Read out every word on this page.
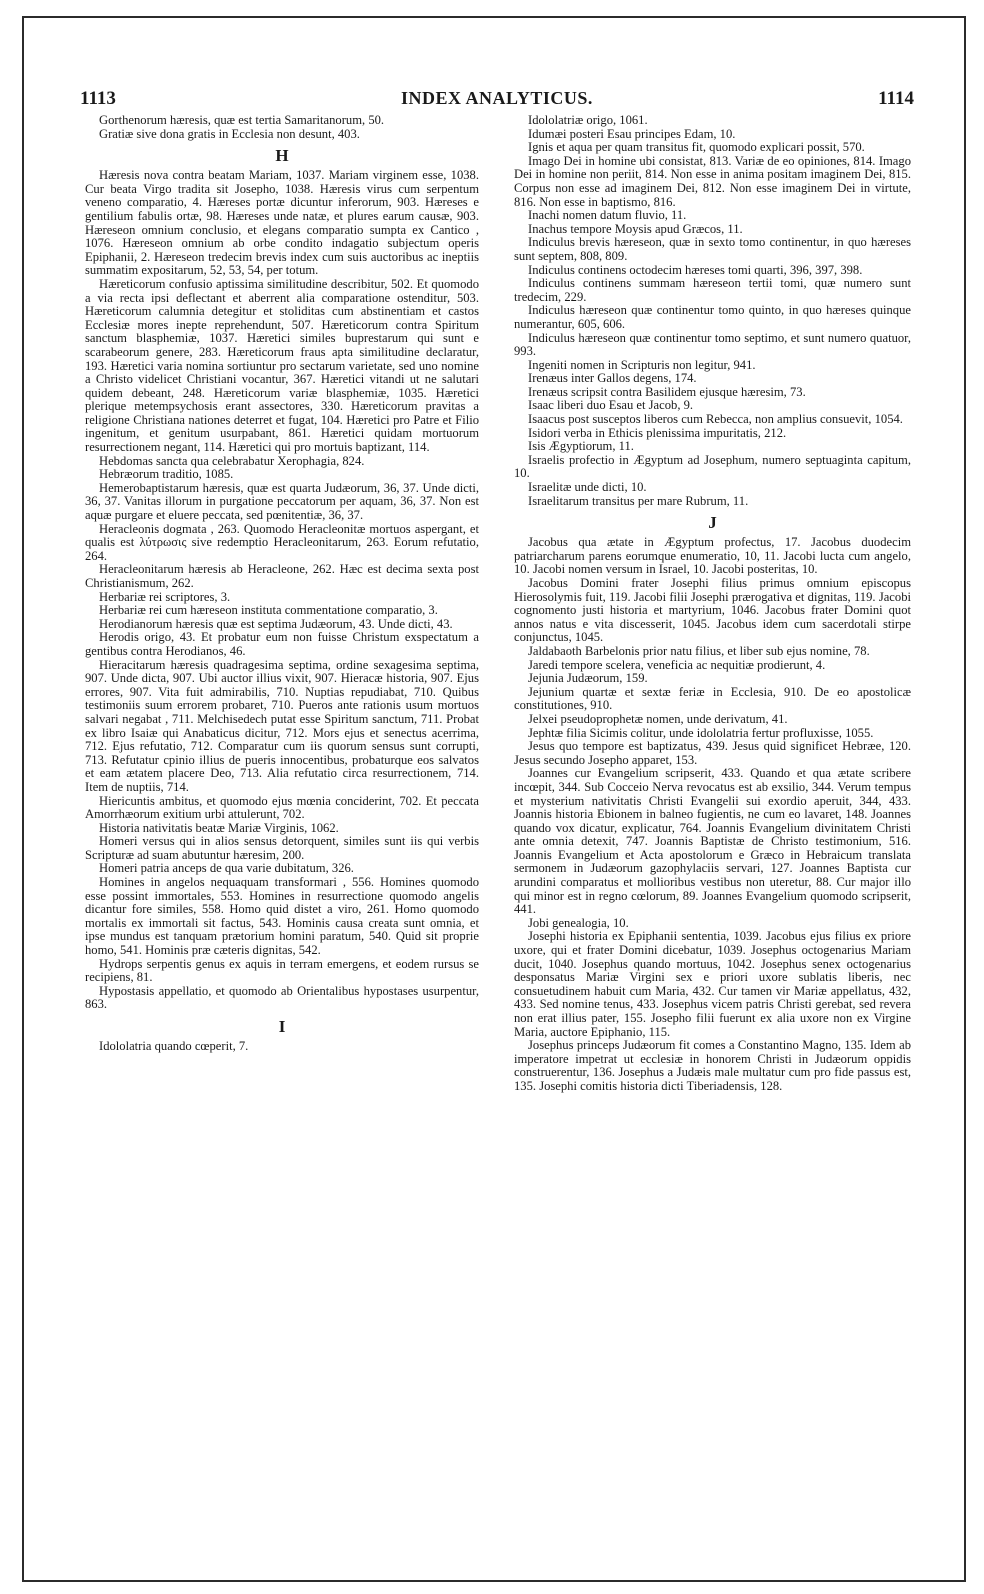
1113	INDEX ANALYTICUS.	1114

Gorthenorum hæresis, quæ est tertia Samaritanorum, 50.

Gratiæ sive dona gratis in Ecclesia non desunt, 403.

H

Hæresis nova contra beatam Mariam, 1037. Mariam virginem esse, 1038. Cur beata Virgo tradita sit Josepho, 1038. Hæresis virus cum serpentum veneno comparatio, 4. Hæreses portæ dicuntur inferorum, 903. Hæreses e gentilium fabulis ortæ, 98. Hæreses unde natæ, et plures earum causæ, 903. Hæreseon omnium conclusio, et elegans comparatio sumpta ex Cantico , 1076. Hæreseon omnium ab orbe condito indagatio subjectum operis Epiphanii, 2. Hæreseon tredecim brevis index cum suis auctoribus ac ineptiis summatim expositarum, 52, 53, 54, per totum.

Hæreticorum confusio aptissima similitudine describitur, 502. Et quomodo a via recta ipsi deflectant et aberrent alia comparatione ostenditur, 503. Hæreticorum calumnia detegitur et stoliditas cum abstinentiam et castos Ecclesiæ mores inepte reprehendunt, 507. Hæreticorum contra Spiritum sanctum blasphemiæ, 1037. Hæretici similes buprestarum qui sunt e scarabeorum genere, 283. Hæreticorum fraus apta similitudine declaratur, 193. Hæretici varia nomina sortiuntur pro sectarum varietate, sed uno nomine a Christo videlicet Christiani vocantur, 367. Hæretici vitandi ut ne salutari quidem debeant, 248. Hæreticorum variæ blasphemiæ, 1035. Hæretici plerique metempsychosis erant assectores, 330. Hæreticorum pravitas a religione Christiana nationes deterret et fugat, 104. Hæretici pro Patre et Filio ingenitum, et genitum usurpabant, 861. Hæretici quidam mortuorum resurrectionem negant, 114. Hæretici qui pro mortuis baptizant, 114.

Hebdomas sancta qua celebrabatur Xerophagia, 824.

Hebræorum traditio, 1085.

Hemerobaptistarum hæresis, quæ est quarta Judæorum, 36, 37. Unde dicti, 36, 37. Vanitas illorum in purgatione peccatorum per aquam, 36, 37. Non est aquæ purgare et eluere peccata, sed pœnitentiæ, 36, 37.

Heracleonis dogmata , 263. Quomodo Heracleonitæ mortuos aspergant, et qualis est λύτρωσις sive redemptio Heracleonitarum, 263. Eorum refutatio, 264.

Heracleonitarum hæresis ab Heracleone, 262. Hæc est decima sexta post Christianismum, 262.

Herbariæ rei scriptores, 3.

Herbariæ rei cum hæreseon instituta commentatione comparatio, 3.

Herodianorum hæresis quæ est septima Judæorum, 43. Unde dicti, 43.

Herodis origo, 43. Et probatur eum non fuisse Christum exspectatum a gentibus contra Herodianos, 46.

Hieracitarum hæresis quadragesima septima, ordine sexagesima septima, 907. Unde dicta, 907. Ubi auctor illius vixit, 907. Hieracæ historia, 907. Ejus errores, 907. Vita fuit admirabilis, 710. Nuptias repudiabat, 710. Quibus testimoniis suum errorem probaret, 710. Pueros ante rationis usum mortuos salvari negabat , 711. Melchisedech putat esse Spiritum sanctum, 711. Probat ex libro Isaiæ qui Anabaticus dicitur, 712. Mors ejus et senectus acerrima, 712. Ejus refutatio, 712. Comparatur cum iis quorum sensus sunt corrupti, 713. Refutatur cpinio illius de pueris innocentibus, probaturque eos salvatos et eam ætatem placere Deo, 713. Alia refutatio circa resurrectionem, 714. Item de nuptiis, 714.

Hiericuntis ambitus, et quomodo ejus mœnia conciderint, 702. Et peccata Amorrhæorum exitium urbi attulerunt, 702.

Historia nativitatis beatæ Mariæ Virginis, 1062.

Homeri versus qui in alios sensus detorquent, similes sunt iis qui verbis Scripturæ ad suam abutuntur hæresim, 200.

Homeri patria anceps de qua varie dubitatum, 326.

Homines in angelos nequaquam transformari , 556. Homines quomodo esse possint immortales, 553. Homines in resurrectione quomodo angelis dicantur fore similes, 558. Homo quid distet a viro, 261. Homo quomodo mortalis ex immortali sit factus, 543. Hominis causa creata sunt omnia, et ipse mundus est tanquam prætorium homini paratum, 540. Quid sit proprie homo, 541. Hominis præ cæteris dignitas, 542.

Hydrops serpentis genus ex aquis in terram emergens, et eodem rursus se recipiens, 81.

Hypostasis appellatio, et quomodo ab Orientalibus hypostases usurpentur, 863.

I

Idololatria quando cœperit, 7.

Idololatriæ origo, 1061.

Idumæi posteri Esau principes Edam, 10.

Ignis et aqua per quam transitus fit, quomodo explicari possit, 570.

Imago Dei in homine ubi consistat, 813. Variæ de eo opiniones, 814. Imago Dei in homine non periit, 814. Non esse in anima positam imaginem Dei, 815. Corpus non esse ad imaginem Dei, 812. Non esse imaginem Dei in virtute, 816. Non esse in baptismo, 816.

Inachi nomen datum fluvio, 11.

Inachus tempore Moysis apud Græcos, 11.

Indiculus brevis hæreseon, quæ in sexto tomo continentur, in quo hæreses sunt septem, 808, 809.

Indiculus continens octodecim hæreses tomi quarti, 396, 397, 398.

Indiculus continens summam hæreseon tertii tomi, quæ numero sunt tredecim, 229.

Indiculus hæreseon quæ continentur tomo quinto, in quo hæreses quinque numerantur, 605, 606.

Indiculus hæreseon quæ continentur tomo septimo, et sunt numero quatuor, 993.

Ingeniti nomen in Scripturis non legitur, 941.

Irenæus inter Gallos degens, 174.

Irenæus scripsit contra Basilidem ejusque hæresim, 73.

Isaac liberi duo Esau et Jacob, 9.

Isaacus post susceptos liberos cum Rebecca, non amplius consuevit, 1054.

Isidori verba in Ethicis plenissima impuritatis, 212.

Isis Ægyptiorum, 11.

Israelis profectio in Ægyptum ad Josephum, numero septuaginta capitum, 10.

Israelitæ unde dicti, 10.

Israelitarum transitus per mare Rubrum, 11.

J

Jacobus qua ætate in Ægyptum profectus, 17. Jacobus duodecim patriarcharum parens eorumque enumeratio, 10, 11. Jacobi lucta cum angelo, 10. Jacobi nomen versum in Israel, 10. Jacobi posteritas, 10.

Jacobus Domini frater Josephi filius primus omnium episcopus Hierosolymis fuit, 119. Jacobi filii Josephi prærogativa et dignitas, 119. Jacobi cognomento justi historia et martyrium, 1046. Jacobus frater Domini quot annos natus e vita discesserit, 1045. Jacobus idem cum sacerdotali stirpe conjunctus, 1045.

Jaldabaoth Barbelonis prior natu filius, et liber sub ejus nomine, 78.

Jaredi tempore scelera, veneficia ac nequitiæ prodierunt, 4.

Jejunia Judæorum, 159.

Jejunium quartæ et sextæ feriæ in Ecclesia, 910. De eo apostolicæ constitutiones, 910.

Jelxei pseudoprophetæ nomen, unde derivatum, 41.

Jephtæ filia Sicimis colitur, unde idololatria fertur profluxisse, 1055.

Jesus quo tempore est baptizatus, 439. Jesus quid significet Hebræe, 120. Jesus secundo Josepho apparet, 153.

Joannes cur Evangelium scripserit, 433. Quando et qua ætate scribere incœpit, 344. Sub Cocceio Nerva revocatus est ab exsilio, 344. Verum tempus et mysterium nativitatis Christi Evangelii sui exordio aperuit, 344, 433. Joannis historia Ebionem in balneo fugientis, ne cum eo lavaret, 148. Joannes quando vox dicatur, explicatur, 764. Joannis Evangelium divinitatem Christi ante omnia detexit, 747. Joannis Baptistæ de Christo testimonium, 516. Joannis Evangelium et Acta apostolorum e Græco in Hebraicum translata sermonem in Judæorum gazophylaciis servari, 127. Joannes Baptista cur arundini comparatus et mollioribus vestibus non uteretur, 88. Cur major illo qui minor est in regno cœlorum, 89. Joannes Evangelium quomodo scripserit, 441.

Jobi genealogia, 10.

Josephi historia ex Epiphanii sententia, 1039. Jacobus ejus filius ex priore uxore, qui et frater Domini dicebatur, 1039. Josephus octogenarius Mariam ducit, 1040. Josephus quando mortuus, 1042. Josephus senex octogenarius desponsatus Mariæ Virgini sex e priori uxore sublatis liberis, nec consuetudinem habuit cum Maria, 432. Cur tamen vir Mariæ appellatus, 432, 433. Sed nomine tenus, 433. Josephus vicem patris Christi gerebat, sed revera non erat illius pater, 155. Josepho filii fuerunt ex alia uxore non ex Virgine Maria, auctore Epiphanio, 115.

Josephus princeps Judæorum fit comes a Constantino Magno, 135. Idem ab imperatore impetrat ut ecclesiæ in honorem Christi in Judæorum oppidis construerentur, 136. Josephus a Judæis male multatur cum pro fide passus est, 135. Josephi comitis historia dicti Tiberiadensis, 128.
